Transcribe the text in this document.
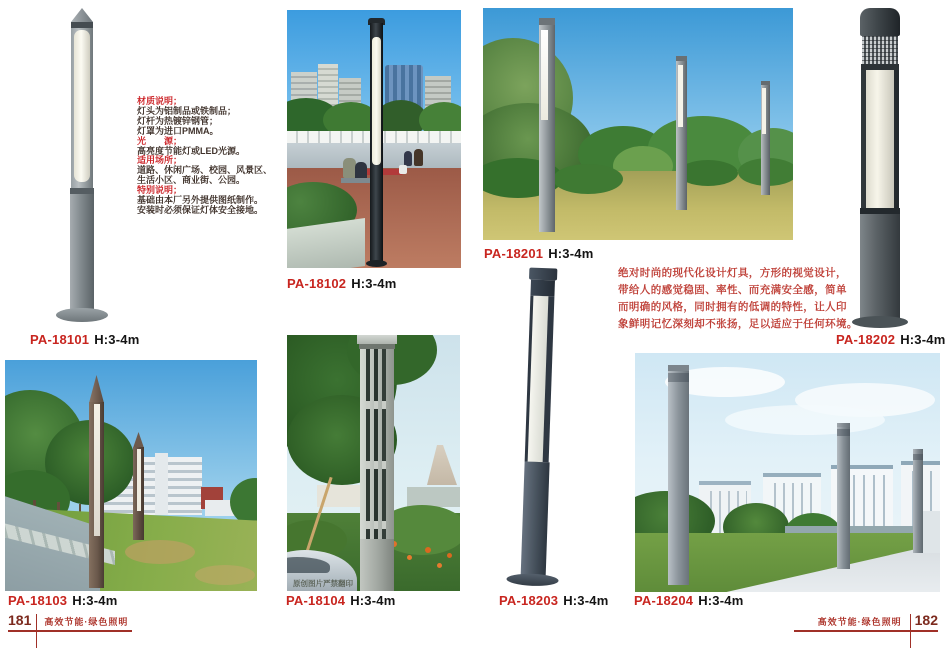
PA-18101 H:3-4m
材质说明；
灯头为铝制品或铁制品；
灯杆为热镀锌钢管；
灯罩为进口PMMA。
光　　源；
高亮度节能灯或LED光源。
适用场所；
道路、休闲广场、校园、风景区、
生活小区、商业街、公园。
特别说明；
基础由本厂另外提供图纸制作。
安装时必须保证灯体安全接地。
PA-18102 H:3-4m
PA-18201 H:3-4m
PA-18202 H:3-4m
绝对时尚的现代化设计灯具，方形的视觉设计，
带给人的感觉稳固、率性、而充满安全感，简单
而明确的风格，同时拥有的低调的特性，让人印
象鲜明记忆深刻却不张扬，足以适应于任何环境。
PA-18103 H:3-4m
原创图片严禁翻印
PA-18104 H:3-4m	PA-18203 H:3-4m PA-18204 H:3-4m
181 高效节能·绿色照明	高效节能·绿色照明 182
